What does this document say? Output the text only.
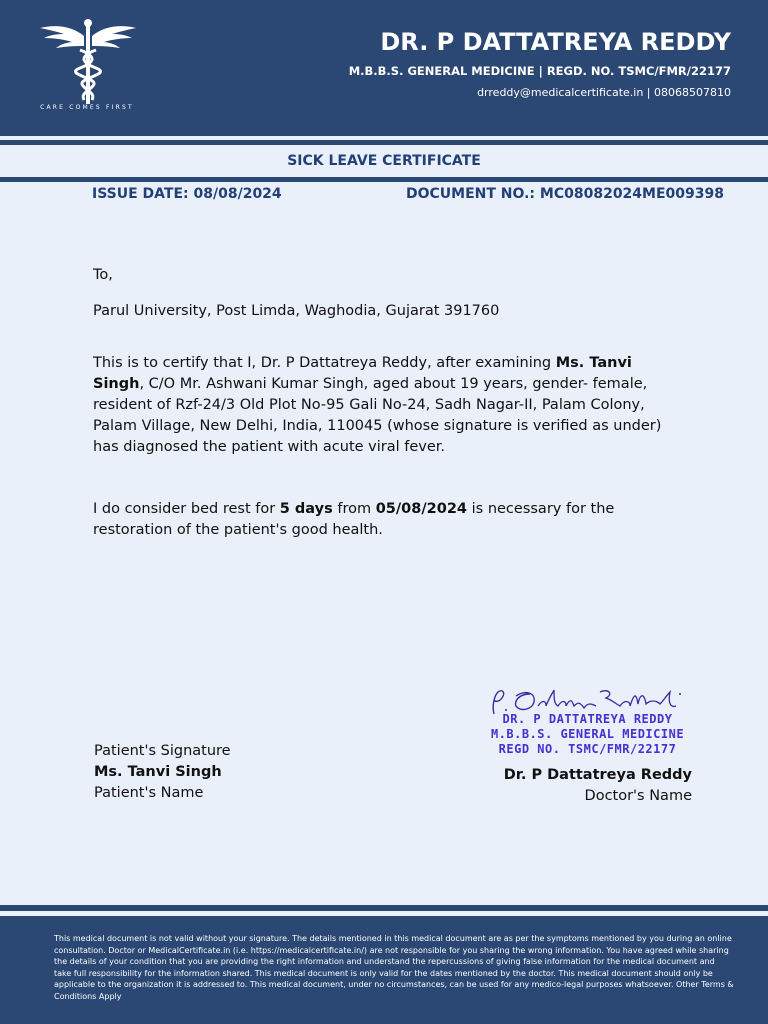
CARE COMES FIRST
DR. P DATTATREYA REDDY
M.B.B.S. GENERAL MEDICINE | REGD. NO. TSMC/FMR/22177
drreddy@medicalcertificate.in | 08068507810
SICK LEAVE CERTIFICATE
ISSUE DATE: 08/08/2024	DOCUMENT NO.: MC08082024ME009398
To,
Parul University, Post Limda, Waghodia, Gujarat 391760
This is to certify that I, Dr. P Dattatreya Reddy, after examining Ms. Tanvi Singh, C/O Mr. Ashwani Kumar Singh, aged about 19 years, gender- female, resident of Rzf-24/3 Old Plot No-95 Gali No-24, Sadh Nagar-II, Palam Colony, Palam Village, New Delhi, India, 110045 (whose signature is verified as under) has diagnosed the patient with acute viral fever.
I do consider bed rest for 5 days from 05/08/2024 is necessary for the restoration of the patient's good health.
Patient's Signature
Ms. Tanvi Singh
Patient's Name
DR. P DATTATREYA REDDY
M.B.B.S. GENERAL MEDICINE
REGD NO. TSMC/FMR/22177
Dr. P Dattatreya Reddy
Doctor's Name
This medical document is not valid without your signature. The details mentioned in this medical document are as per the symptoms mentioned by you during an online consultation. Doctor or MedicalCertificate.in (i.e. https://medicalcertificate.in/) are not responsible for you sharing the wrong information. You have agreed while sharing the details of your condition that you are providing the right information and understand the repercussions of giving false information for the medical document and take full responsibility for the information shared. This medical document is only valid for the dates mentioned by the doctor. This medical document should only be applicable to the organization it is addressed to. This medical document, under no circumstances, can be used for any medico-legal purposes whatsoever. Other Terms & Conditions Apply
